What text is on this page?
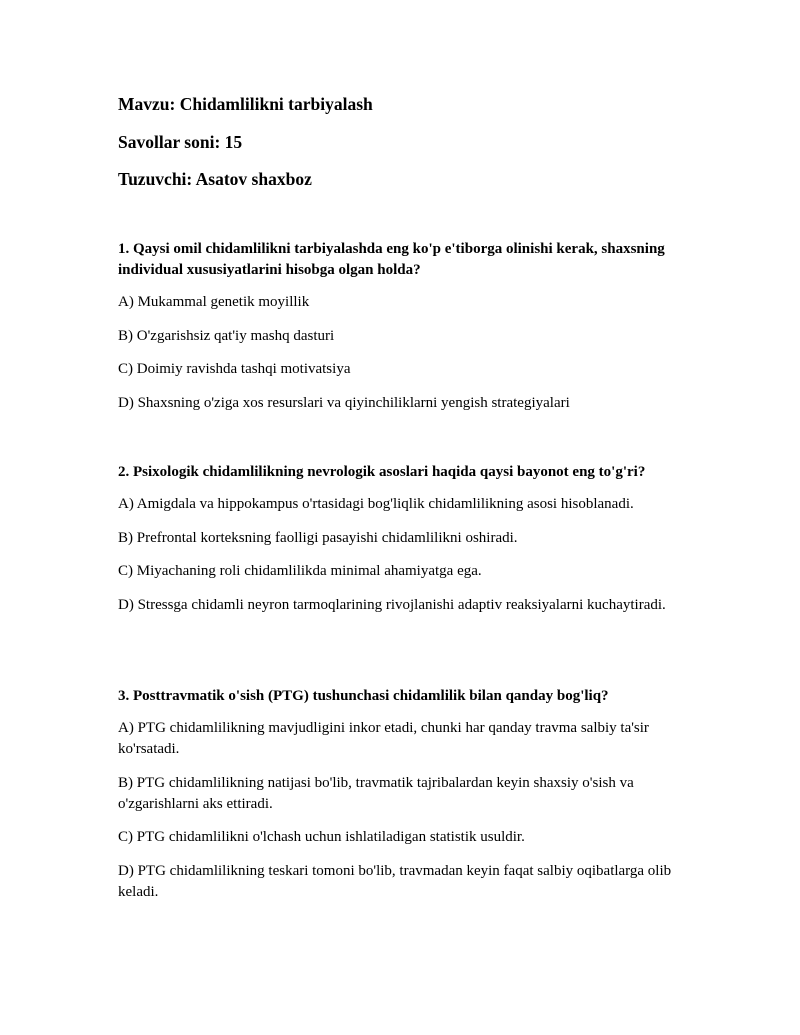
Mavzu: Chidamlilikni tarbiyalash
Savollar soni: 15
Tuzuvchi: Asatov shaxboz
1. Qaysi omil chidamlilikni tarbiyalashda eng ko'p e'tiborga olinishi kerak, shaxsning individual xususiyatlarini hisobga olgan holda?
A) Mukammal genetik moyillik
B) O'zgarishsiz qat'iy mashq dasturi
C) Doimiy ravishda tashqi motivatsiya
D) Shaxsning o'ziga xos resurslari va qiyinchiliklarni yengish strategiyalari
2. Psixologik chidamlilikning nevrologik asoslari haqida qaysi bayonot eng to'g'ri?
A) Amigdala va hippokampus o'rtasidagi bog'liqlik chidamlilikning asosi hisoblanadi.
B) Prefrontal korteksning faolligi pasayishi chidamlilikni oshiradi.
C) Miyachaning roli chidamlilikda minimal ahamiyatga ega.
D) Stressga chidamli neyron tarmoqlarining rivojlanishi adaptiv reaksiyalarni kuchaytiradi.
3. Posttravmatik o'sish (PTG) tushunchasi chidamlilik bilan qanday bog'liq?
A) PTG chidamlilikning mavjudligini inkor etadi, chunki har qanday travma salbiy ta'sir ko'rsatadi.
B) PTG chidamlilikning natijasi bo'lib, travmatik tajribalardan keyin shaxsiy o'sish va o'zgarishlarni aks ettiradi.
C) PTG chidamlilikni o'lchash uchun ishlatiladigan statistik usuldir.
D) PTG chidamlilikning teskari tomoni bo'lib, travmadan keyin faqat salbiy oqibatlarga olib keladi.
